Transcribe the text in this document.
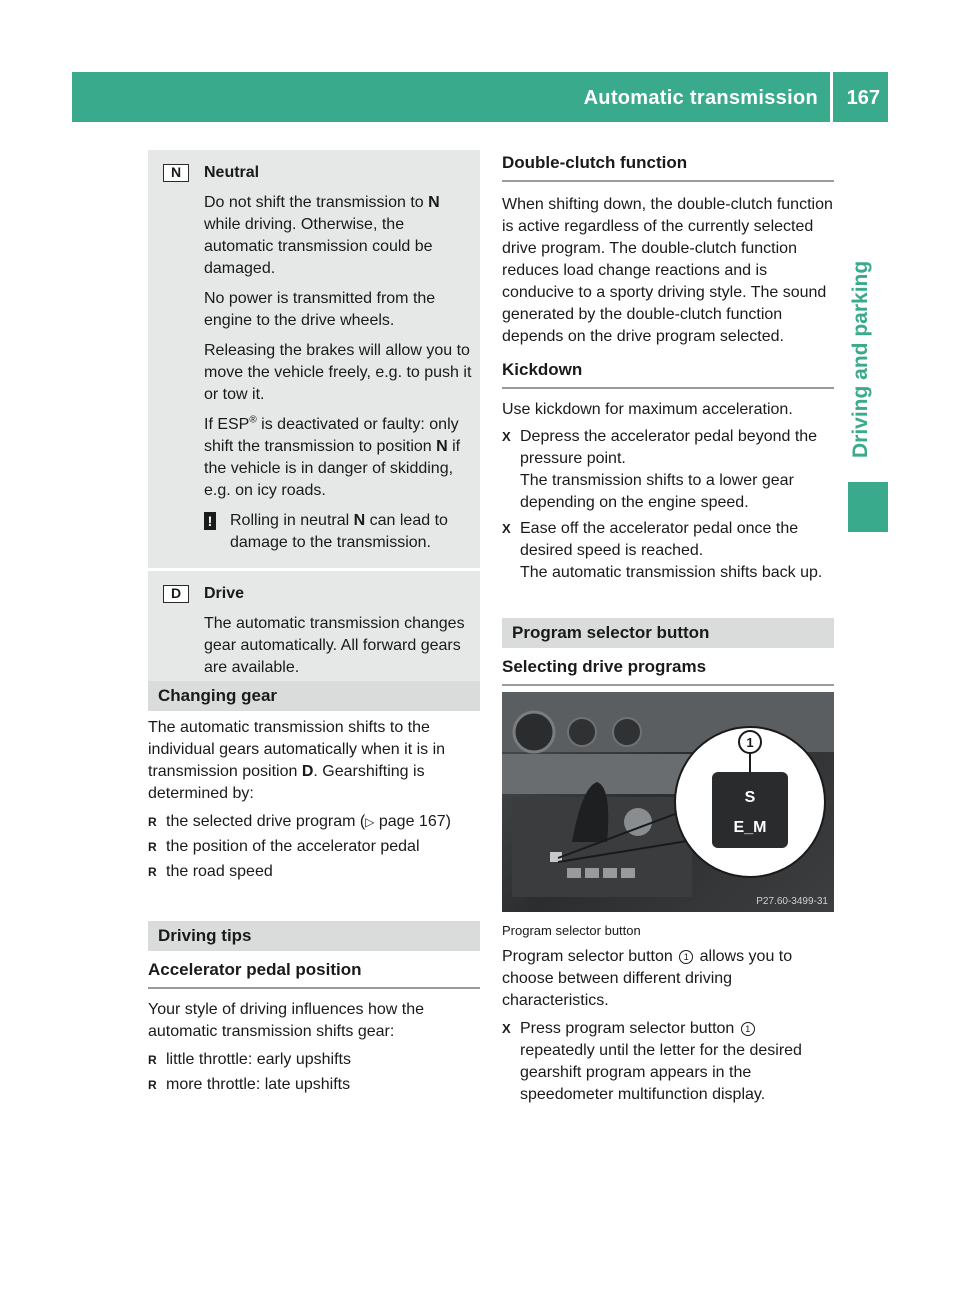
Automatic transmission 167
Driving and parking
N	Neutral
Do not shift the transmission to N while driving. Otherwise, the automatic transmission could be damaged.
No power is transmitted from the engine to the drive wheels.
Releasing the brakes will allow you to move the vehicle freely, e.g. to push it or tow it.
If ESP® is deactivated or faulty: only shift the transmission to position N if the vehicle is in danger of skidding, e.g. on icy roads.
! Rolling in neutral N can lead to damage to the transmission.
D	Drive
The automatic transmission changes gear automatically. All forward gears are available.
Changing gear
The automatic transmission shifts to the individual gears automatically when it is in transmission position D. Gearshifting is determined by:
R the selected drive program (▷ page 167)
R the position of the accelerator pedal
R the road speed
Driving tips
Accelerator pedal position
Your style of driving influences how the automatic transmission shifts gear:
R little throttle: early upshifts
R more throttle: late upshifts
Double-clutch function
When shifting down, the double-clutch function is active regardless of the currently selected drive program. The double-clutch function reduces load change reactions and is conducive to a sporty driving style. The sound generated by the double-clutch function depends on the drive program selected.
Kickdown
Use kickdown for maximum acceleration.
X Depress the accelerator pedal beyond the pressure point.
The transmission shifts to a lower gear depending on the engine speed.
X Ease off the accelerator pedal once the desired speed is reached.
The automatic transmission shifts back up.
Program selector button
Selecting drive programs
1
S
E_M
P27.60-3499-31
Program selector button
Program selector button 1 allows you to choose between different driving characteristics.
X Press program selector button 1 repeatedly until the letter for the desired gearshift program appears in the speedometer multifunction display.
